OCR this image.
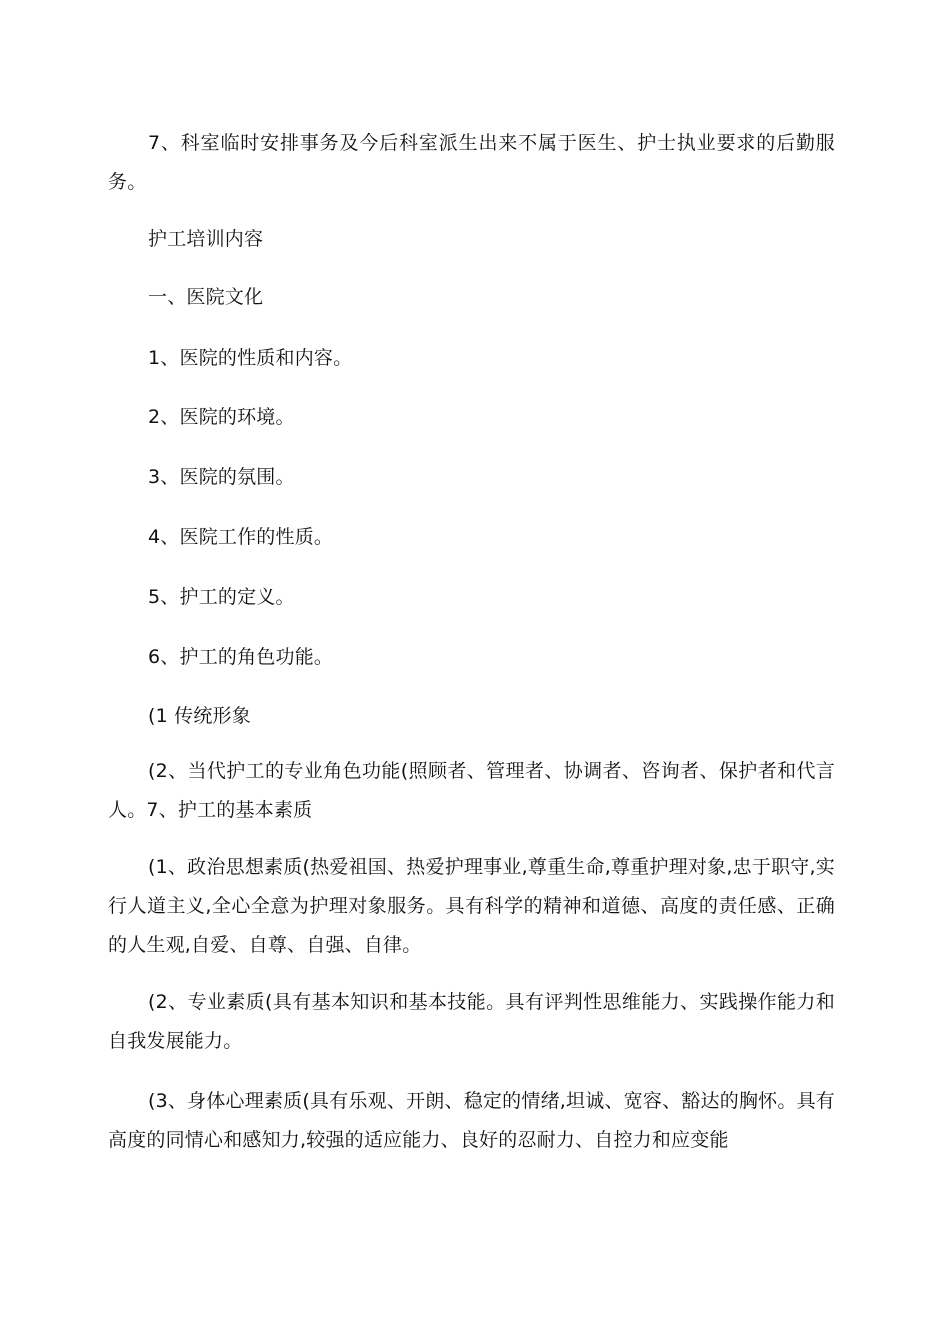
7、科室临时安排事务及今后科室派生出来不属于医生、护士执业要求的后勤服务。

护工培训内容

一、医院文化

1、医院的性质和内容。

2、医院的环境。

3、医院的氛围。

4、医院工作的性质。

5、护工的定义。

6、护工的角色功能。

(1 传统形象

(2、当代护工的专业角色功能(照顾者、管理者、协调者、咨询者、保护者和代言人。7、护工的基本素质

(1、政治思想素质(热爱祖国、热爱护理事业,尊重生命,尊重护理对象,忠于职守,实行人道主义,全心全意为护理对象服务。具有科学的精神和道德、高度的责任感、正确的人生观,自爱、自尊、自强、自律。

(2、专业素质(具有基本知识和基本技能。具有评判性思维能力、实践操作能力和自我发展能力。

(3、身体心理素质(具有乐观、开朗、稳定的情绪,坦诚、宽容、豁达的胸怀。具有高度的同情心和感知力,较强的适应能力、良好的忍耐力、自控力和应变能
